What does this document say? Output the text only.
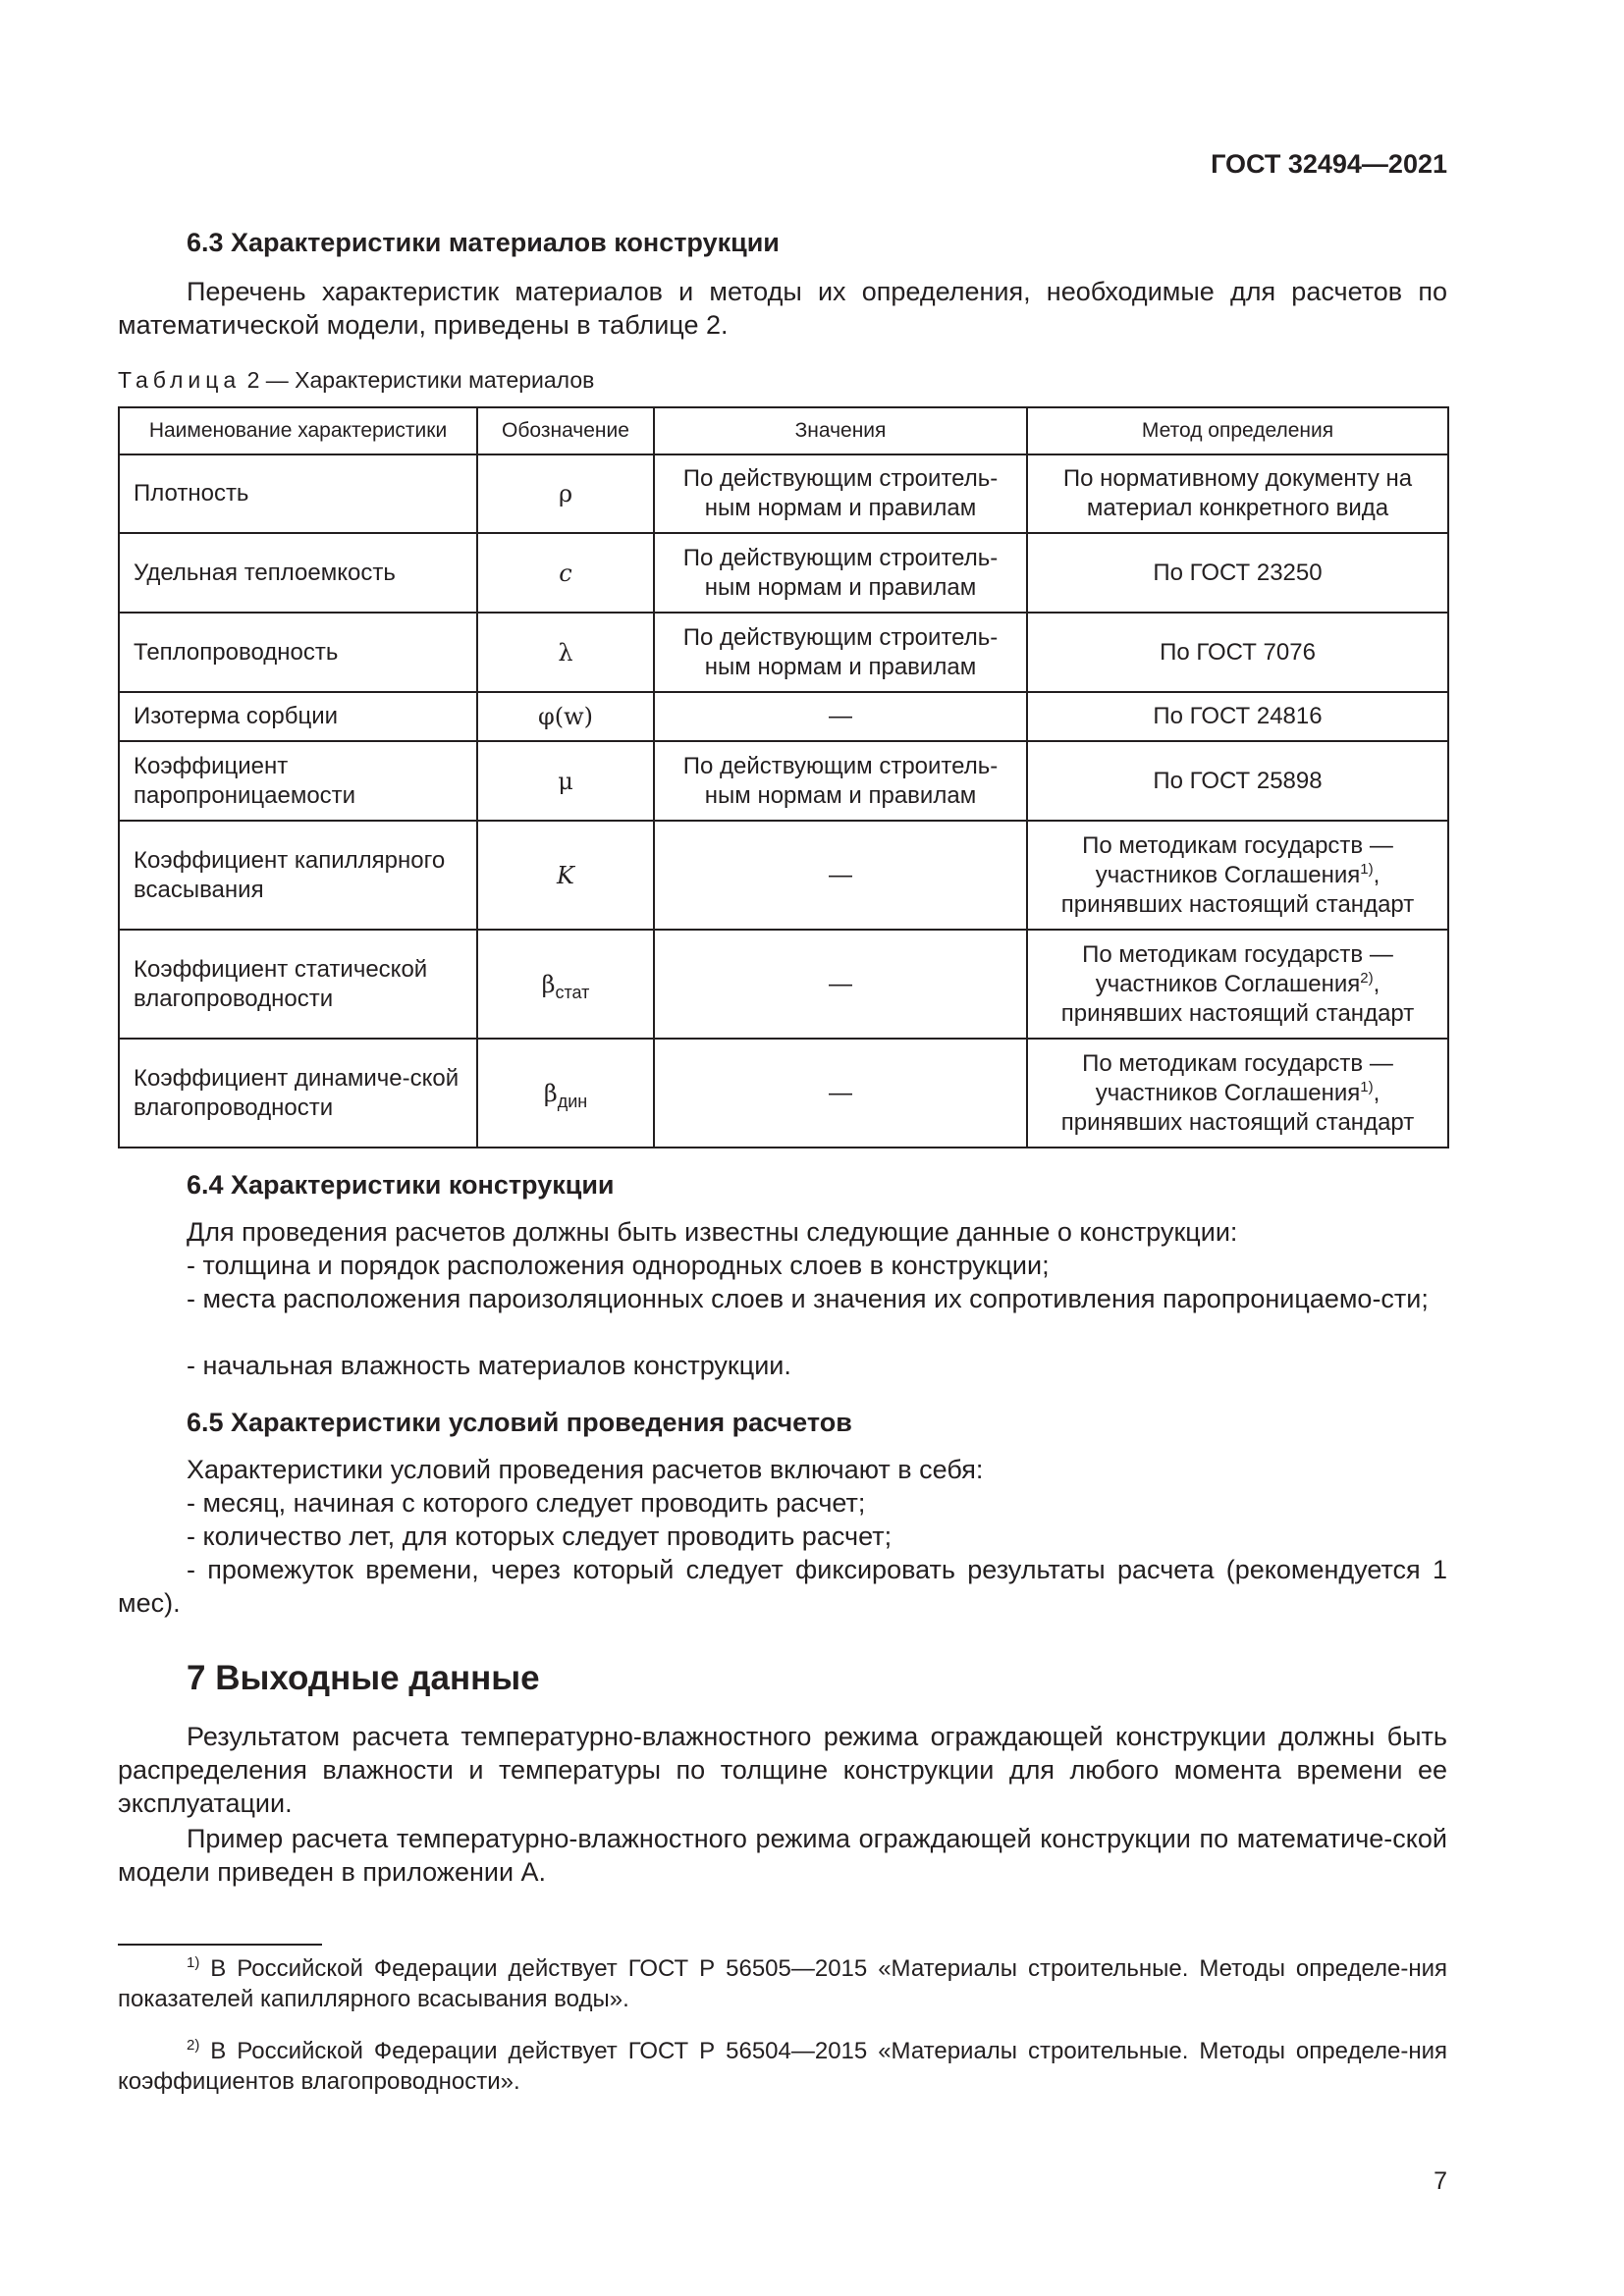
ГОСТ 32494—2021
6.3 Характеристики материалов конструкции
Перечень характеристик материалов и методы их определения, необходимые для расчетов по математической модели, приведены в таблице 2.
Таблица 2 — Характеристики материалов
Наименование характеристики	Обозначение	Значения	Метод определения
Плотность	ρ	По действующим строитель-ным нормам и правилам	По нормативному документу на материал конкретного вида
Удельная теплоемкость	c	По действующим строитель-ным нормам и правилам	По ГОСТ 23250
Теплопроводность	λ	По действующим строитель-ным нормам и правилам	По ГОСТ 7076
Изотерма сорбции	φ(w)	—	По ГОСТ 24816
Коэффициент паропроницаемости	μ	По действующим строитель-ным нормам и правилам	По ГОСТ 25898
Коэффициент капиллярного всасывания	K	—	По методикам государств — участников Соглашения$^{1)}$, принявших настоящий стандарт
Коэффициент статической влагопроводности	$\beta_{стат}$	—	По методикам государств — участников Соглашения$^{2)}$, принявших настоящий стандарт
Коэффициент динамиче-ской влагопроводности	$\beta_{дин}$	—	По методикам государств — участников Соглашения$^{1)}$, принявших настоящий стандарт
6.4 Характеристики конструкции
Для проведения расчетов должны быть известны следующие данные о конструкции:
- толщина и порядок расположения однородных слоев в конструкции;
- места расположения пароизоляционных слоев и значения их сопротивления паропроницаемо-сти;
- начальная влажность материалов конструкции.
6.5 Характеристики условий проведения расчетов
Характеристики условий проведения расчетов включают в себя:
- месяц, начиная с которого следует проводить расчет;
- количество лет, для которых следует проводить расчет;
- промежуток времени, через который следует фиксировать результаты расчета (рекомендуется 1 мес).
7 Выходные данные
Результатом расчета температурно-влажностного режима ограждающей конструкции должны быть распределения влажности и температуры по толщине конструкции для любого момента времени ее эксплуатации.
Пример расчета температурно-влажностного режима ограждающей конструкции по математиче-ской модели приведен в приложении А.
$^{1)}$ В Российской Федерации действует ГОСТ Р 56505—2015 «Материалы строительные. Методы определе-ния показателей капиллярного всасывания воды».
$^{2)}$ В Российской Федерации действует ГОСТ Р 56504—2015 «Материалы строительные. Методы определе-ния коэффициентов влагопроводности».
7
